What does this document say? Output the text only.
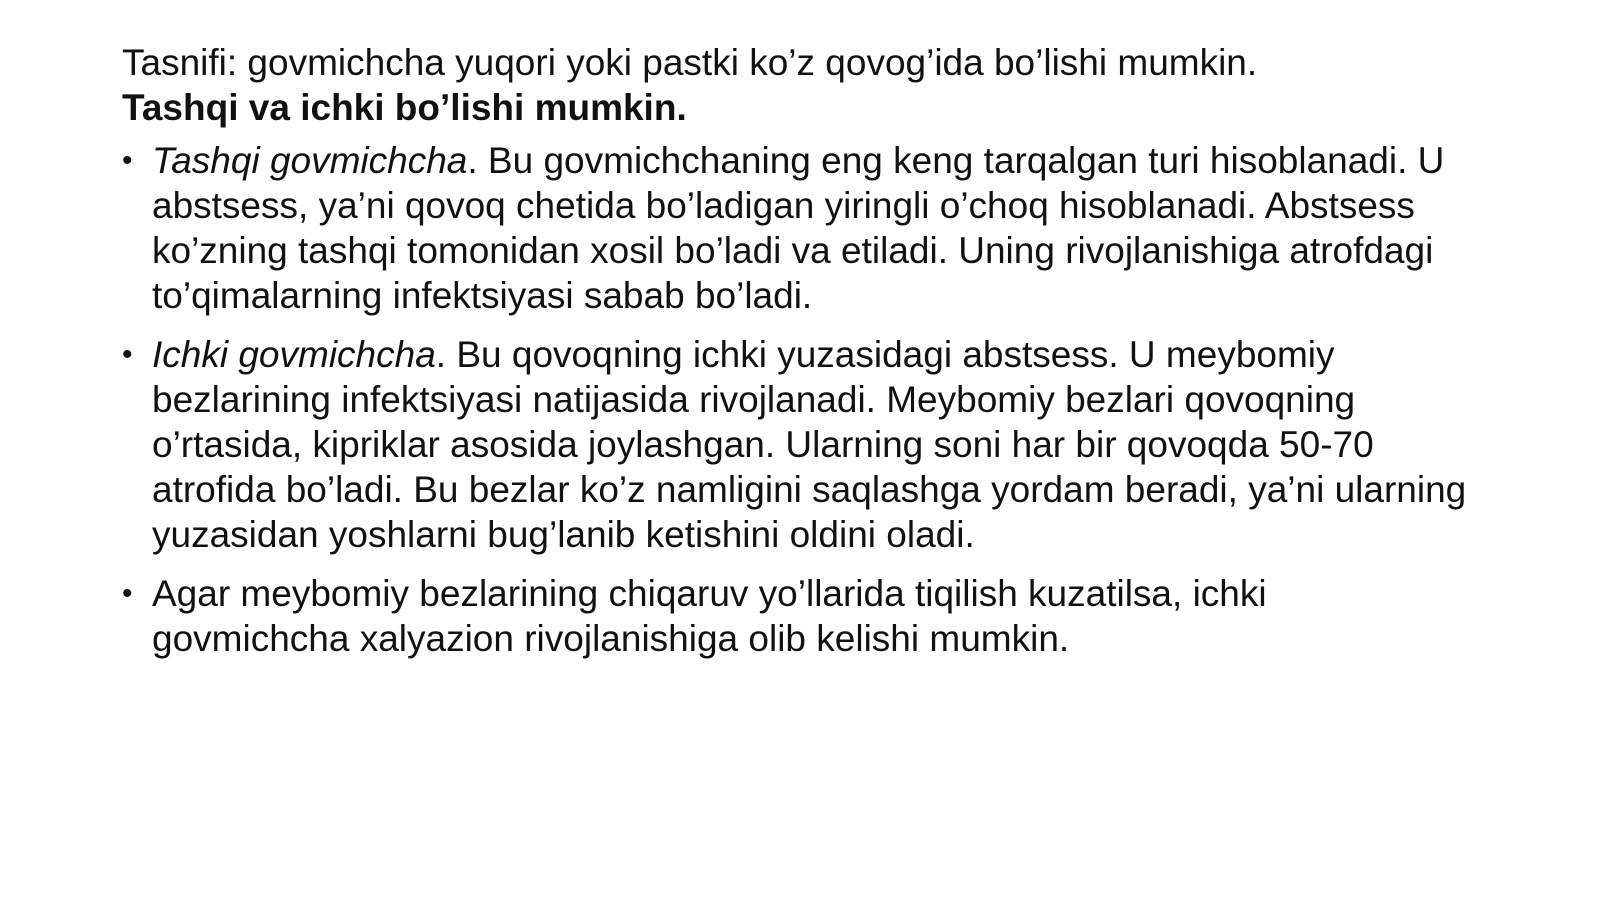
Tasnifi: govmichcha yuqori yoki pastki ko’z qovog’ida bo’lishi mumkin.
Tashqi va ichki bo’lishi mumkin.

• Tashqi govmichcha. Bu govmichchaning eng keng tarqalgan turi hisoblanadi. U abstsess, ya’ni qovoq chetida bo’ladigan yiringli o’choq hisoblanadi. Abstsess ko’zning tashqi tomonidan xosil bo’ladi va etiladi. Uning rivojlanishiga atrofdagi to’qimalarning infektsiyasi sabab bo’ladi.
• Ichki govmichcha. Bu qovoqning ichki yuzasidagi abstsess. U meybomiy bezlarining infektsiyasi natijasida rivojlanadi. Meybomiy bezlari qovoqning o’rtasida, kipriklar asosida joylashgan. Ularning soni har bir qovoqda 50-70 atrofida bo’ladi. Bu bezlar ko’z namligini saqlashga yordam beradi, ya’ni ularning yuzasidan yoshlarni bug’lanib ketishini oldini oladi.
• Agar meybomiy bezlarining chiqaruv yo’llarida tiqilish kuzatilsa, ichki govmichcha xalyazion rivojlanishiga olib kelishi mumkin.
